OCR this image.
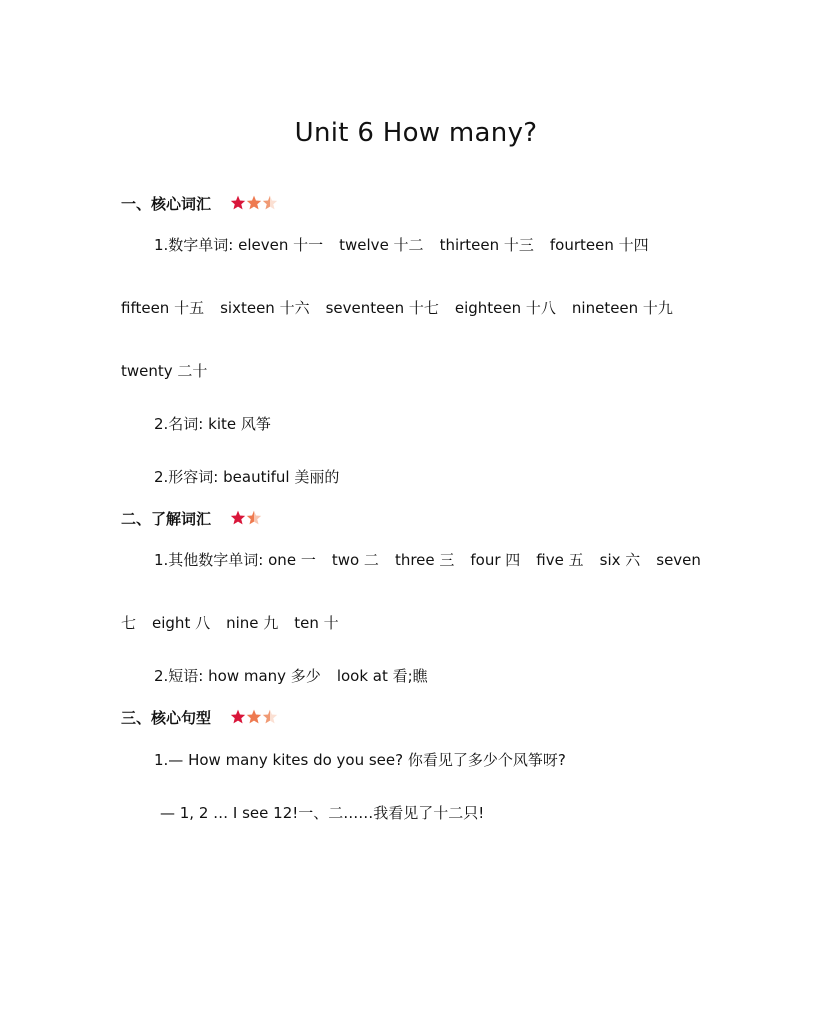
Unit 6 How many?
一、核心词汇
1.数字单词: eleven 十一 twelve 十二 thirteen 十三 fourteen 十四
fifteen 十五 sixteen 十六 seventeen 十七 eighteen 十八 nineteen 十九
twenty 二十
2.名词: kite 风筝
2.形容词: beautiful 美丽的
二、了解词汇
1.其他数字单词: one 一 two 二 three 三 four 四 five 五 six 六 seven
七 eight 八 nine 九 ten 十
2.短语: how many 多少 look at 看;瞧
三、核心句型
1.— How many kites do you see? 你看见了多少个风筝呀?
— 1, 2 … I see 12!一、二……我看见了十二只!
